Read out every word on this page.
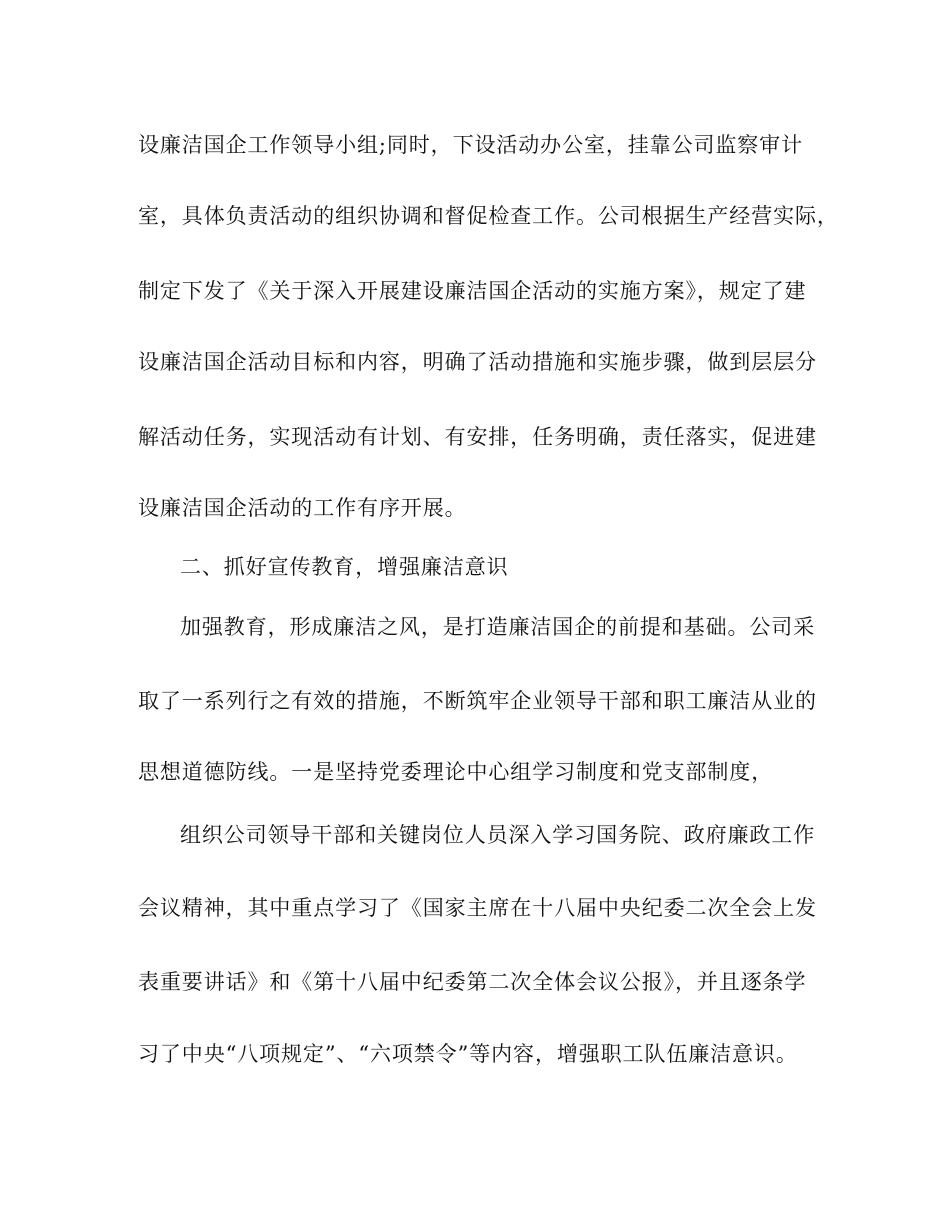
设廉洁国企工作领导小组;同时，下设活动办公室，挂靠公司监察审计
室，具体负责活动的组织协调和督促检查工作。公司根据生产经营实际，
制定下发了《关于深入开展建设廉洁国企活动的实施方案》，规定了建
设廉洁国企活动目标和内容，明确了活动措施和实施步骤，做到层层分
解活动任务，实现活动有计划、有安排，任务明确，责任落实，促进建
设廉洁国企活动的工作有序开展。
二、抓好宣传教育，增强廉洁意识
加强教育，形成廉洁之风，是打造廉洁国企的前提和基础。公司采
取了一系列行之有效的措施，不断筑牢企业领导干部和职工廉洁从业的
思想道德防线。一是坚持党委理论中心组学习制度和党支部制度，
组织公司领导干部和关键岗位人员深入学习国务院、政府廉政工作
会议精神，其中重点学习了《国家主席在十八届中央纪委二次全会上发
表重要讲话》和《第十八届中纪委第二次全体会议公报》，并且逐条学
习了中央“八项规定”、“六项禁令”等内容，增强职工队伍廉洁意识。
